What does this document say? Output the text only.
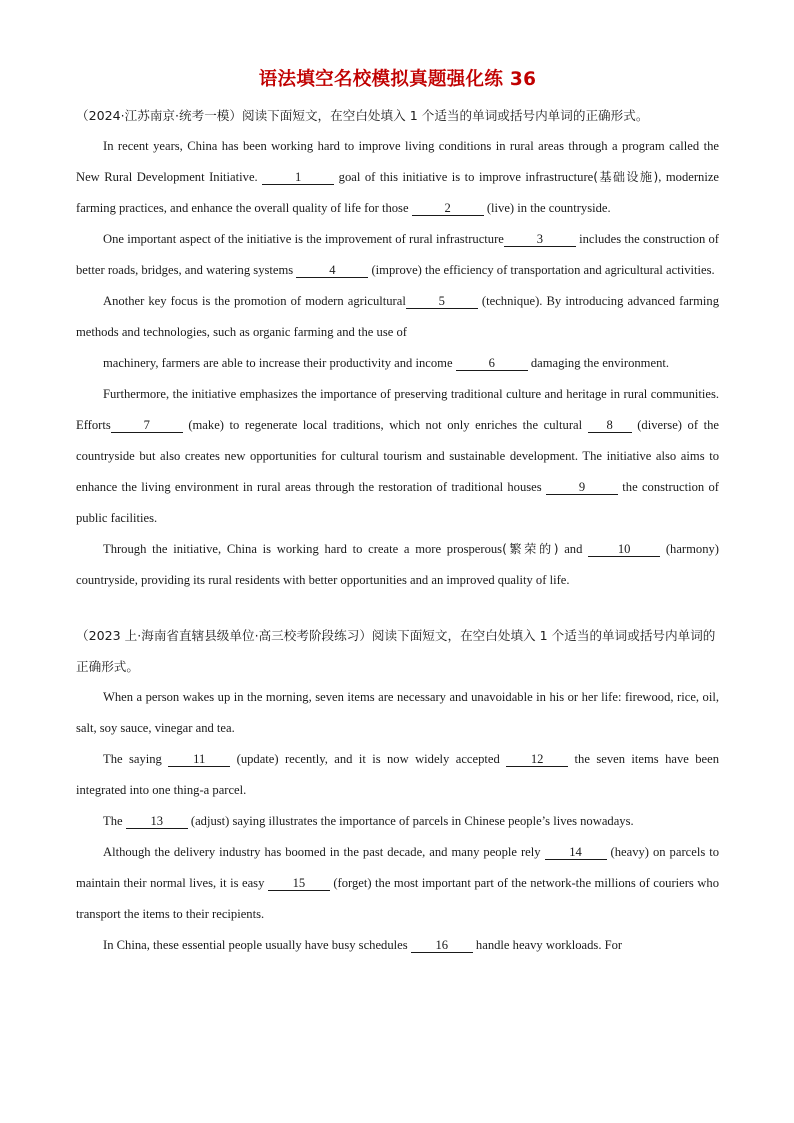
语法填空名校模拟真题强化练 36
（2024·江苏南京·统考一模）阅读下面短文，在空白处填入 1 个适当的单词或括号内单词的正确形式。

In recent years, China has been working hard to improve living conditions in rural areas through a program called the New Rural Development Initiative.	1	goal of this initiative is to improve infrastructure(基础设施), modernize farming practices, and enhance the overall quality of life for those	2	(live) in the countryside.

One important aspect of the initiative is the improvement of rural infrastructure	3	includes the construction of better roads, bridges, and watering systems	4	(improve) the efficiency of transportation and agricultural activities.

Another key focus is the promotion of modern agricultural	5	(technique). By introducing advanced farming methods and technologies, such as organic farming and the use of

machinery, farmers are able to increase their productivity and income	6	damaging the environment.

Furthermore, the initiative emphasizes the importance of preserving traditional culture and heritage in rural communities. Efforts	7	(make) to regenerate local traditions, which not only enriches the cultural 8 (diverse) of the countryside but also creates new opportunities for cultural tourism and sustainable development. The initiative also aims to enhance the living environment in rural areas through the restoration of traditional houses	9	the construction of public facilities.

Through the initiative, China is working hard to create a more prosperous(繁荣的) and 10 (harmony) countryside, providing its rural residents with better opportunities and an improved quality of life.

（2023 上·海南省直辖县级单位·高三校考阶段练习）阅读下面短文，在空白处填入 1 个适当的单词或括号内单词的正确形式。

When a person wakes up in the morning, seven items are necessary and unavoidable in his or her life: firewood, rice, oil, salt, soy sauce, vinegar and tea.

The saying 11 (update) recently, and it is now widely accepted 12 the seven items have been integrated into one thing-a parcel.

The 13 (adjust) saying illustrates the importance of parcels in Chinese people’s lives nowadays.

Although the delivery industry has boomed in the past decade, and many people rely 14 (heavy) on parcels to maintain their normal lives, it is easy 15 (forget) the most important part of the network-the millions of couriers who transport the items to their recipients.

In China, these essential people usually have busy schedules 16 handle heavy workloads. For
